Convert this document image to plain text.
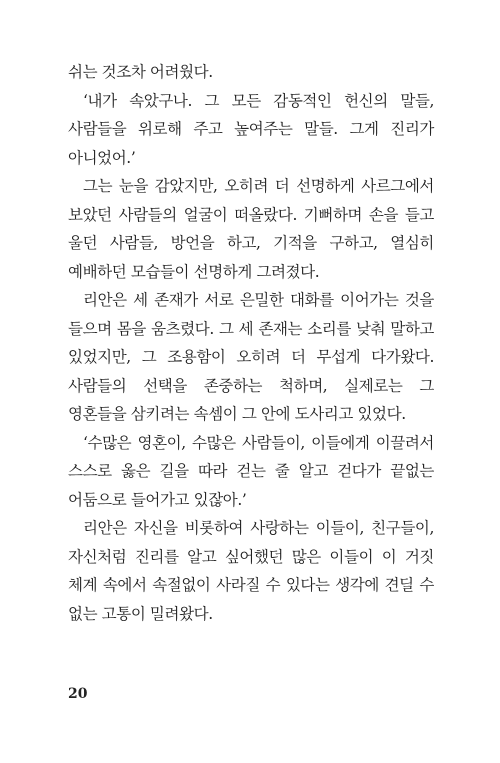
쉬는 것조차 어려웠다.

‘내가 속았구나. 그 모든 감동적인 헌신의 말들, 사람들을 위로해 주고 높여주는 말들. 그게 진리가 아니었어.’

그는 눈을 감았지만, 오히려 더 선명하게 사르그에서 보았던 사람들의 얼굴이 떠올랐다. 기뻐하며 손을 들고 울던 사람들, 방언을 하고, 기적을 구하고, 열심히 예배하던 모습들이 선명하게 그려졌다.

리안은 세 존재가 서로 은밀한 대화를 이어가는 것을 들으며 몸을 움츠렸다. 그 세 존재는 소리를 낮춰 말하고 있었지만, 그 조용함이 오히려 더 무섭게 다가왔다. 사람들의 선택을 존중하는 척하며, 실제로는 그 영혼들을 삼키려는 속셈이 그 안에 도사리고 있었다.

‘수많은 영혼이, 수많은 사람들이, 이들에게 이끌려서 스스로 옳은 길을 따라 걷는 줄 알고 걷다가 끝없는 어둠으로 들어가고 있잖아.’

리안은 자신을 비롯하여 사랑하는 이들이, 친구들이, 자신처럼 진리를 알고 싶어했던 많은 이들이 이 거짓 체계 속에서 속절없이 사라질 수 있다는 생각에 견딜 수 없는 고통이 밀려왔다.

20
